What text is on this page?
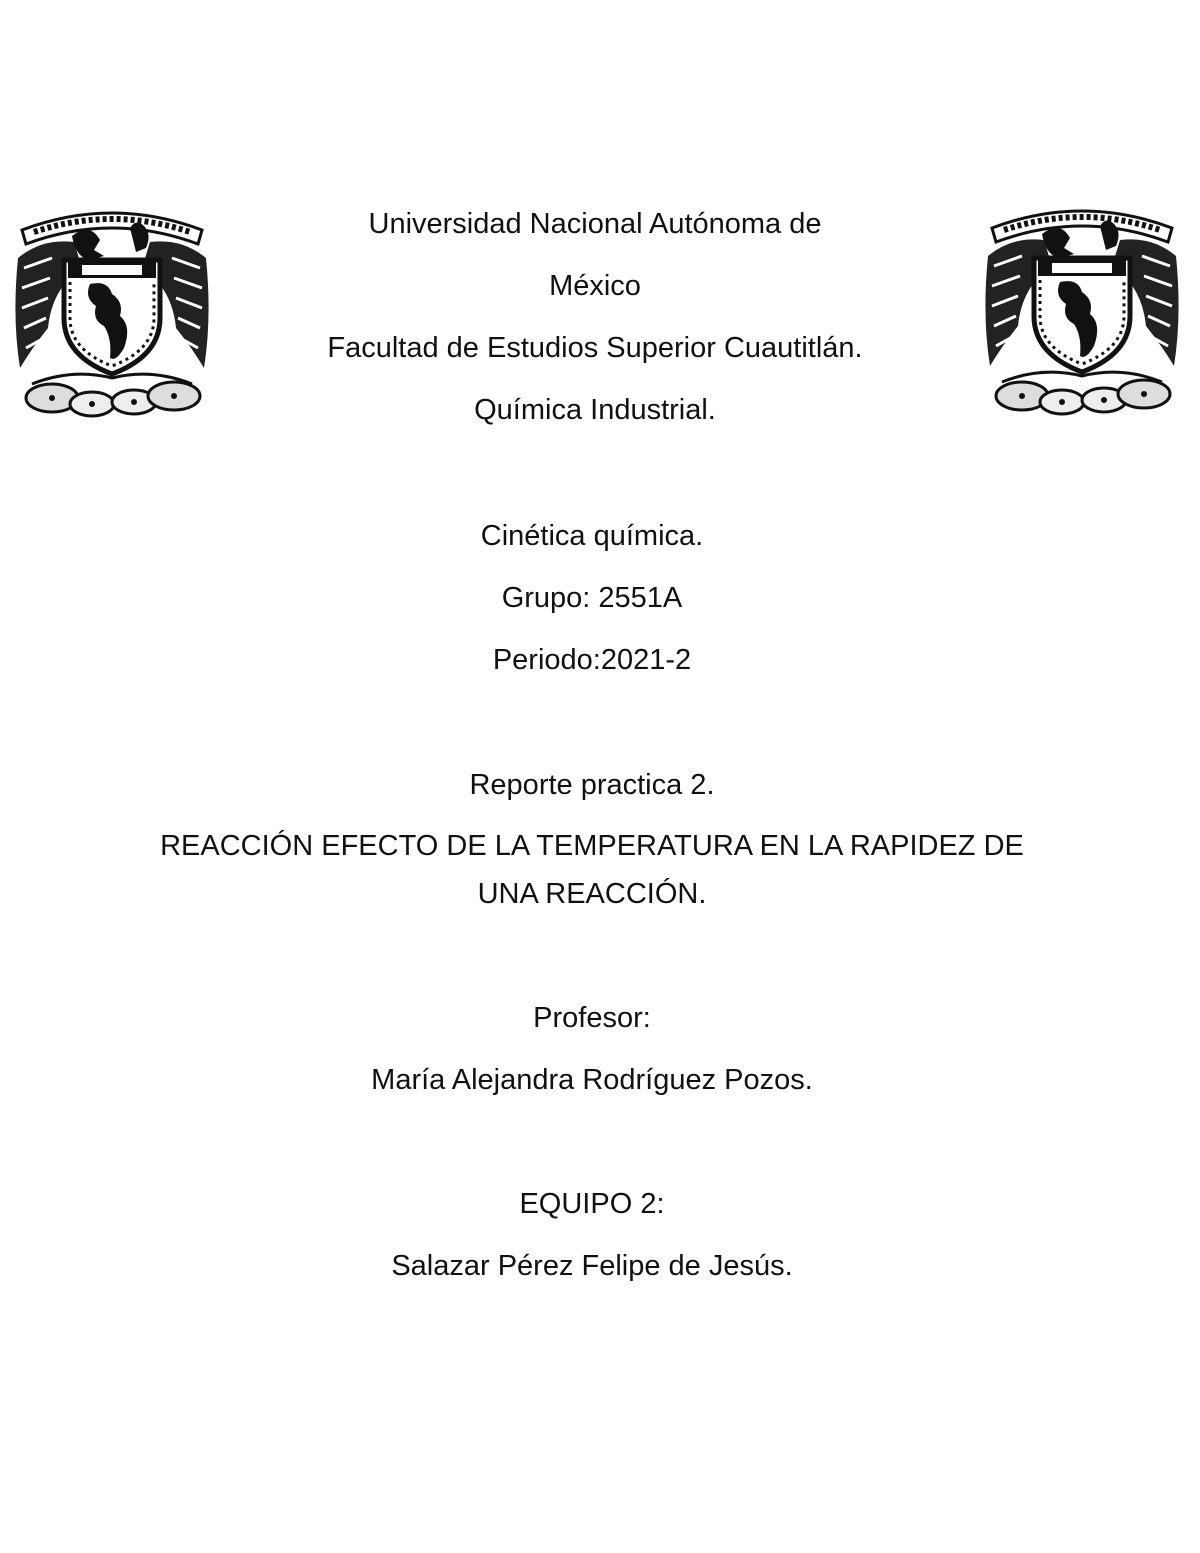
Universidad Nacional Autónoma de
México
Facultad de Estudios Superior Cuautitlán.
Química Industrial.
Cinética química.
Grupo: 2551A
Periodo:2021-2
Reporte practica 2.
REACCIÓN EFECTO DE LA TEMPERATURA EN LA RAPIDEZ DE
UNA REACCIÓN.
Profesor:
María Alejandra Rodríguez Pozos.
EQUIPO 2:
Salazar Pérez Felipe de Jesús.
